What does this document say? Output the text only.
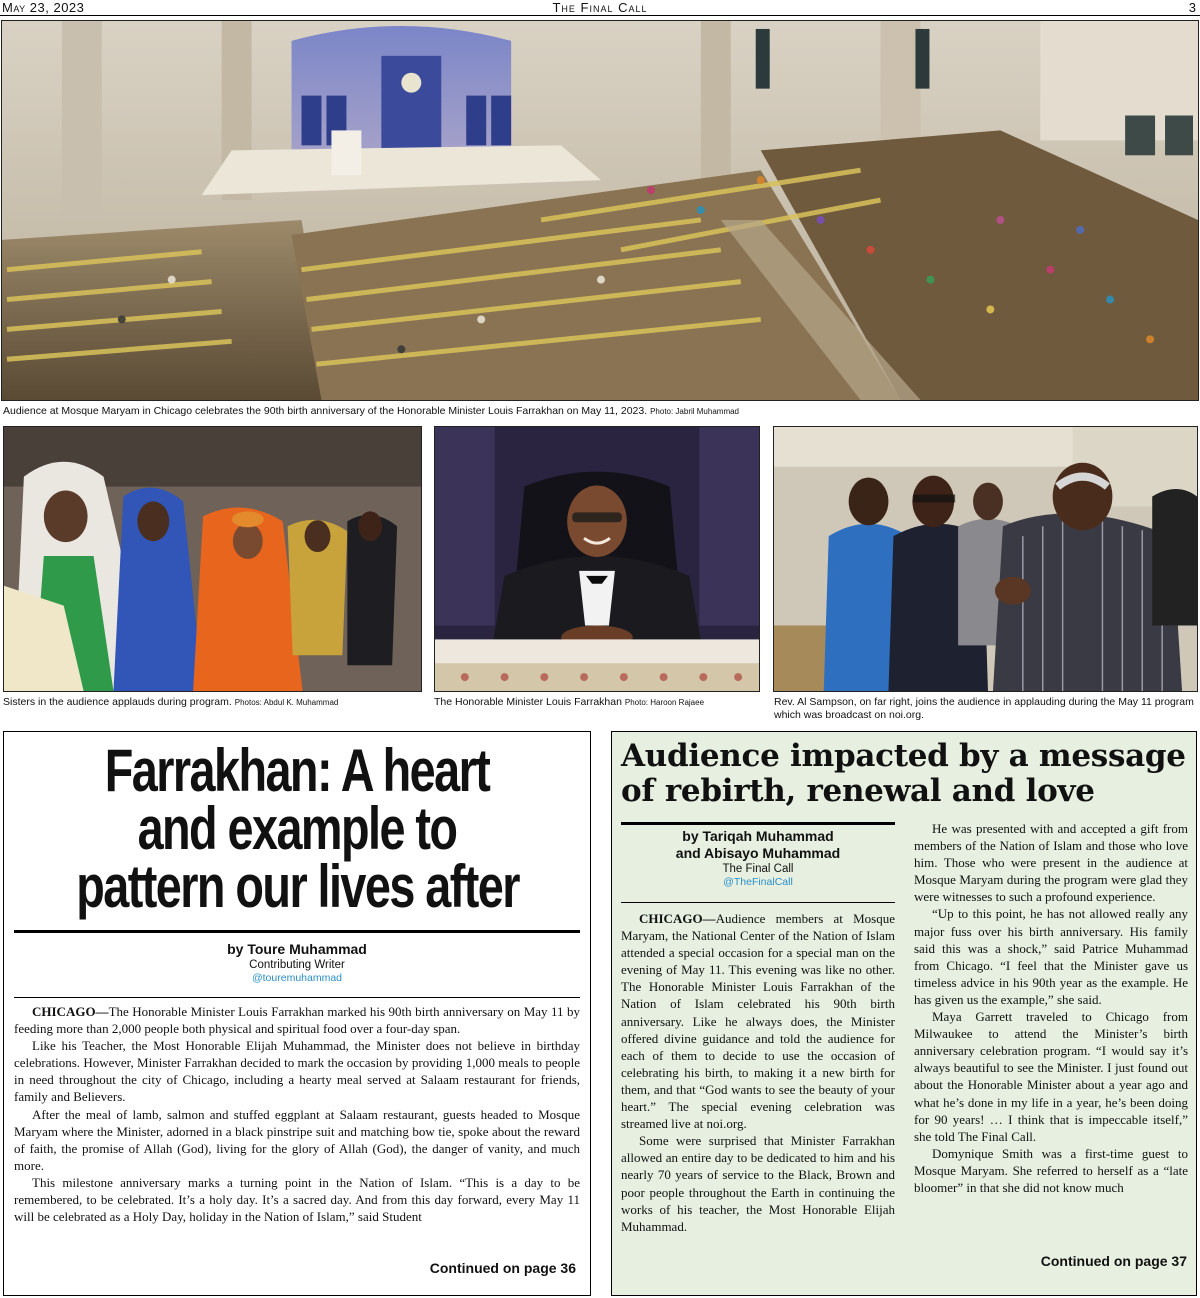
May 23, 2023	The Final Call	3
Audience at Mosque Maryam in Chicago celebrates the 90th birth anniversary of the Honorable Minister Louis Farrakhan on May 11, 2023. Photo: Jabril Muhammad
Sisters in the audience applauds during program. Photos: Abdul K. Muhammad	The Honorable Minister Louis Farrakhan Photo: Haroon Rajaee	Rev. Al Sampson, on far right, joins the audience in applauding during the May 11 program
which was broadcast on noi.org.
Farrakhan: A heart
and example to
pattern our lives after
by Toure Muhammad
Contributing Writer
@touremuhammad

CHICAGO—The Honorable Minister Louis Farrakhan marked his 90th birth anniversary on May 11 by feeding more than 2,000 people both physical and spiritual food over a four-day span.

Like his Teacher, the Most Honorable Elijah Muhammad, the Minister does not believe in birthday celebrations. However, Minister Farrakhan decided to mark the occasion by providing 1,000 meals to people in need throughout the city of Chicago, including a hearty meal served at Salaam restaurant for friends, family and Believers.

After the meal of lamb, salmon and stuffed eggplant at Salaam restaurant, guests headed to Mosque Maryam where the Minister, adorned in a black pinstripe suit and matching bow tie, spoke about the reward of faith, the promise of Allah (God), living for the glory of Allah (God), the danger of vanity, and much more.

This milestone anniversary marks a turning point in the Nation of Islam. “This is a day to be remembered, to be celebrated. It’s a holy day. It’s a sacred day. And from this day forward, every May 11 will be celebrated as a Holy Day, holiday in the Nation of Islam,” said Student

Continued on page 36
Audience impacted by a message
of rebirth, renewal and love
by Tariqah Muhammad
and Abisayo Muhammad
The Final Call
@TheFinalCall

CHICAGO—Audience members at Mosque Maryam, the National Center of the Nation of Islam attended a special occasion for a special man on the evening of May 11. This evening was like no other. The Honorable Minister Louis Farrakhan of the Nation of Islam celebrated his 90th birth anniversary. Like he always does, the Minister offered divine guidance and told the audience for each of them to decide to use the occasion of celebrating his birth, to making it a new birth for them, and that “God wants to see the beauty of your heart.” The special evening celebration was streamed live at noi.org.

Some were surprised that Minister Farrakhan allowed an entire day to be dedicated to him and his nearly 70 years of service to the Black, Brown and poor people throughout the Earth in continuing the works of his teacher, the Most Honorable Elijah Muhammad.

He was presented with and accepted a gift from members of the Nation of Islam and those who love him. Those who were present in the audience at Mosque Maryam during the program were glad they were witnesses to such a profound experience.

“Up to this point, he has not allowed really any major fuss over his birth anniversary. His family said this was a shock,” said Patrice Muhammad from Chicago. “I feel that the Minister gave us timeless advice in his 90th year as the example. He has given us the example,” she said.

Maya Garrett traveled to Chicago from Milwaukee to attend the Minister’s birth anniversary celebration program. “I would say it’s always beautiful to see the Minister. I just found out about the Honorable Minister about a year ago and what he’s done in my life in a year, he’s been doing for 90 years! … I think that is impeccable itself,” she told The Final Call.

Domynique Smith was a first-time guest to Mosque Maryam. She referred to herself as a “late bloomer” in that she did not know much

Continued on page 37
